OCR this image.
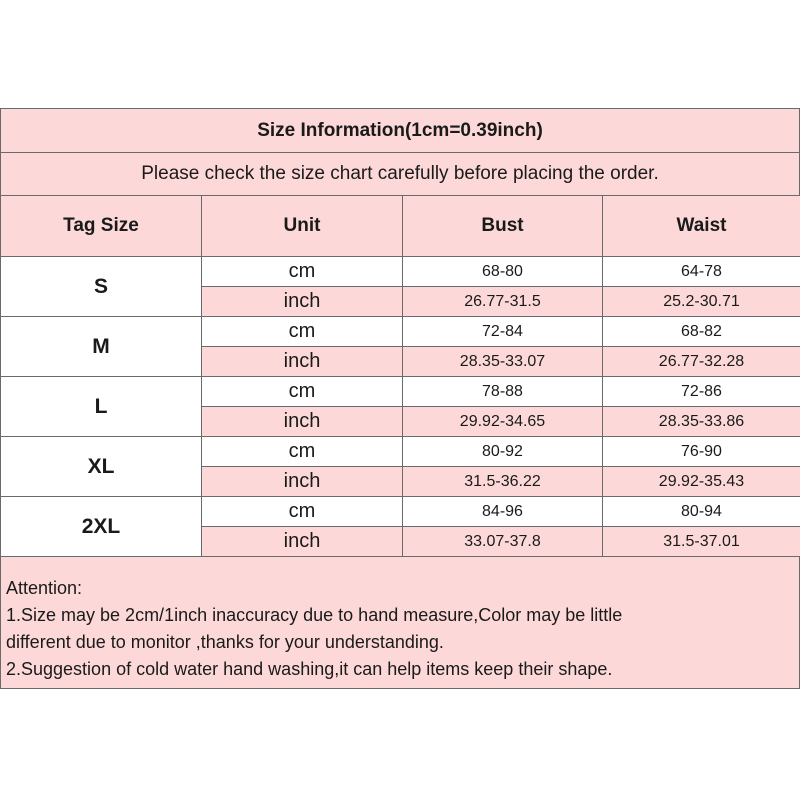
Size Information(1cm=0.39inch)
Please check the size chart carefully before placing the order.
Tag Size	Unit	Bust	Waist
S	cm	68-80	64-78
	inch	26.77-31.5	25.2-30.71
M	cm	72-84	68-82
	inch	28.35-33.07	26.77-32.28
L	cm	78-88	72-86
	inch	29.92-34.65	28.35-33.86
XL	cm	80-92	76-90
	inch	31.5-36.22	29.92-35.43
2XL	cm	84-96	80-94
	inch	33.07-37.8	31.5-37.01
Attention:
1.Size may be 2cm/1inch inaccuracy due to hand measure,Color may be little
different due to monitor ,thanks for your understanding.
2.Suggestion of cold water hand washing,it can help items keep their shape.
